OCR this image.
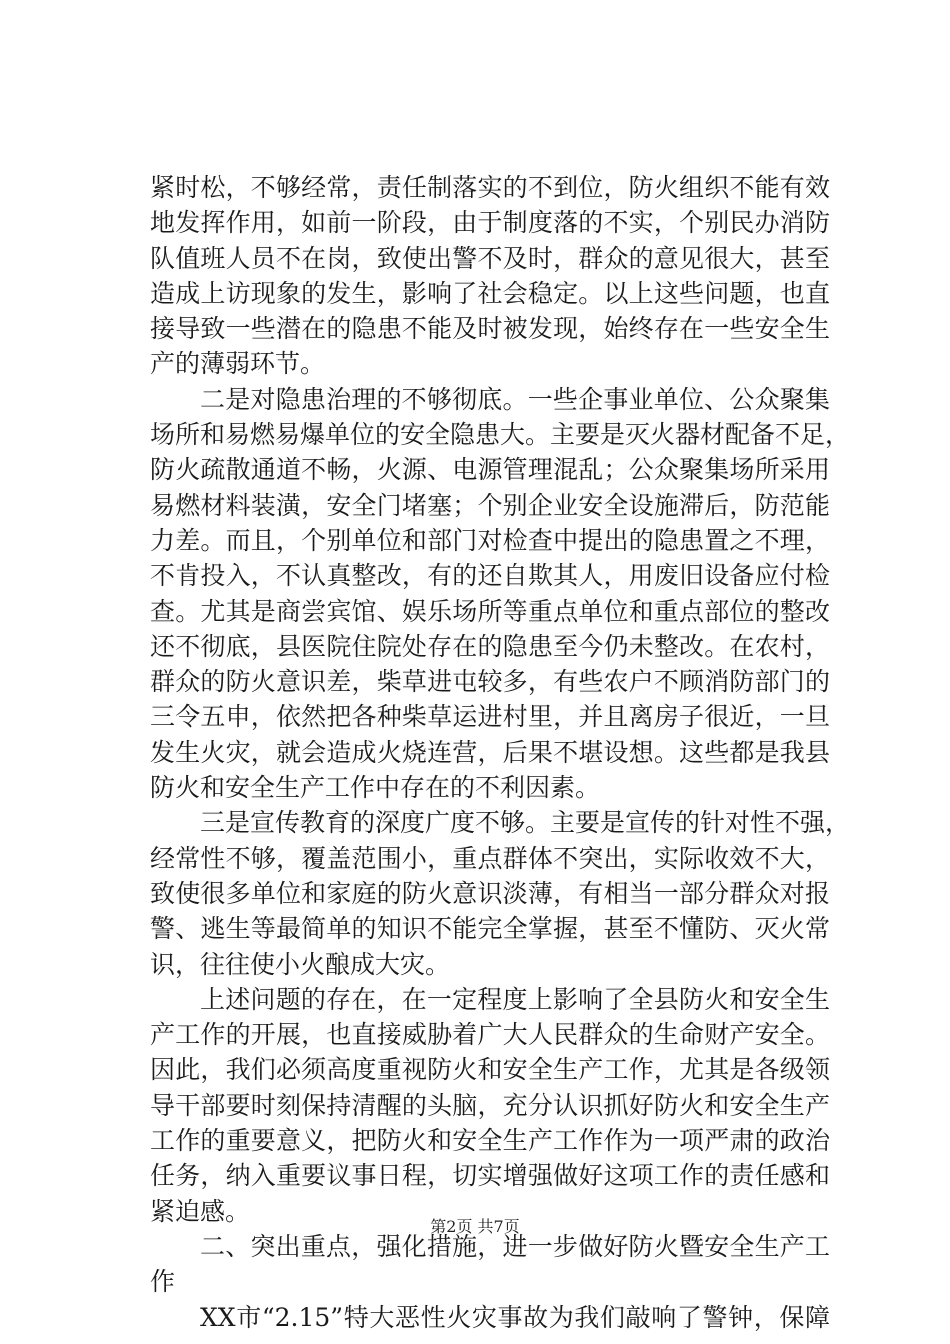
紧时松，不够经常，责任制落实的不到位，防火组织不能有效
地发挥作用，如前一阶段，由于制度落的不实，个别民办消防
队值班人员不在岗，致使出警不及时，群众的意见很大，甚至
造成上访现象的发生，影响了社会稳定。以上这些问题，也直
接导致一些潜在的隐患不能及时被发现，始终存在一些安全生
产的薄弱环节。
二是对隐患治理的不够彻底。一些企事业单位、公众聚集
场所和易燃易爆单位的安全隐患大。主要是灭火器材配备不足，
防火疏散通道不畅，火源、电源管理混乱；公众聚集场所采用
易燃材料装潢，安全门堵塞；个别企业安全设施滞后，防范能
力差。而且，个别单位和部门对检查中提出的隐患置之不理，
不肯投入，不认真整改，有的还自欺其人，用废旧设备应付检
查。尤其是商尝宾馆、娱乐场所等重点单位和重点部位的整改
还不彻底，县医院住院处存在的隐患至今仍未整改。在农村，
群众的防火意识差，柴草进屯较多，有些农户不顾消防部门的
三令五申，依然把各种柴草运进村里，并且离房子很近，一旦
发生火灾，就会造成火烧连营，后果不堪设想。这些都是我县
防火和安全生产工作中存在的不利因素。
三是宣传教育的深度广度不够。主要是宣传的针对性不强，
经常性不够，覆盖范围小，重点群体不突出，实际收效不大，
致使很多单位和家庭的防火意识淡薄，有相当一部分群众对报
警、逃生等最简单的知识不能完全掌握，甚至不懂防、灭火常
识，往往使小火酿成大灾。
上述问题的存在，在一定程度上影响了全县防火和安全生
产工作的开展，也直接威胁着广大人民群众的生命财产安全。
因此，我们必须高度重视防火和安全生产工作，尤其是各级领
导干部要时刻保持清醒的头脑，充分认识抓好防火和安全生产
工作的重要意义，把防火和安全生产工作作为一项严肃的政治
任务，纳入重要议事日程，切实增强做好这项工作的责任感和
紧迫感。
二、突出重点，强化措施，进一步做好防火暨安全生产工
作
XX市“2.15”特大恶性火灾事故为我们敲响了警钟，保障
第2页 共7页
